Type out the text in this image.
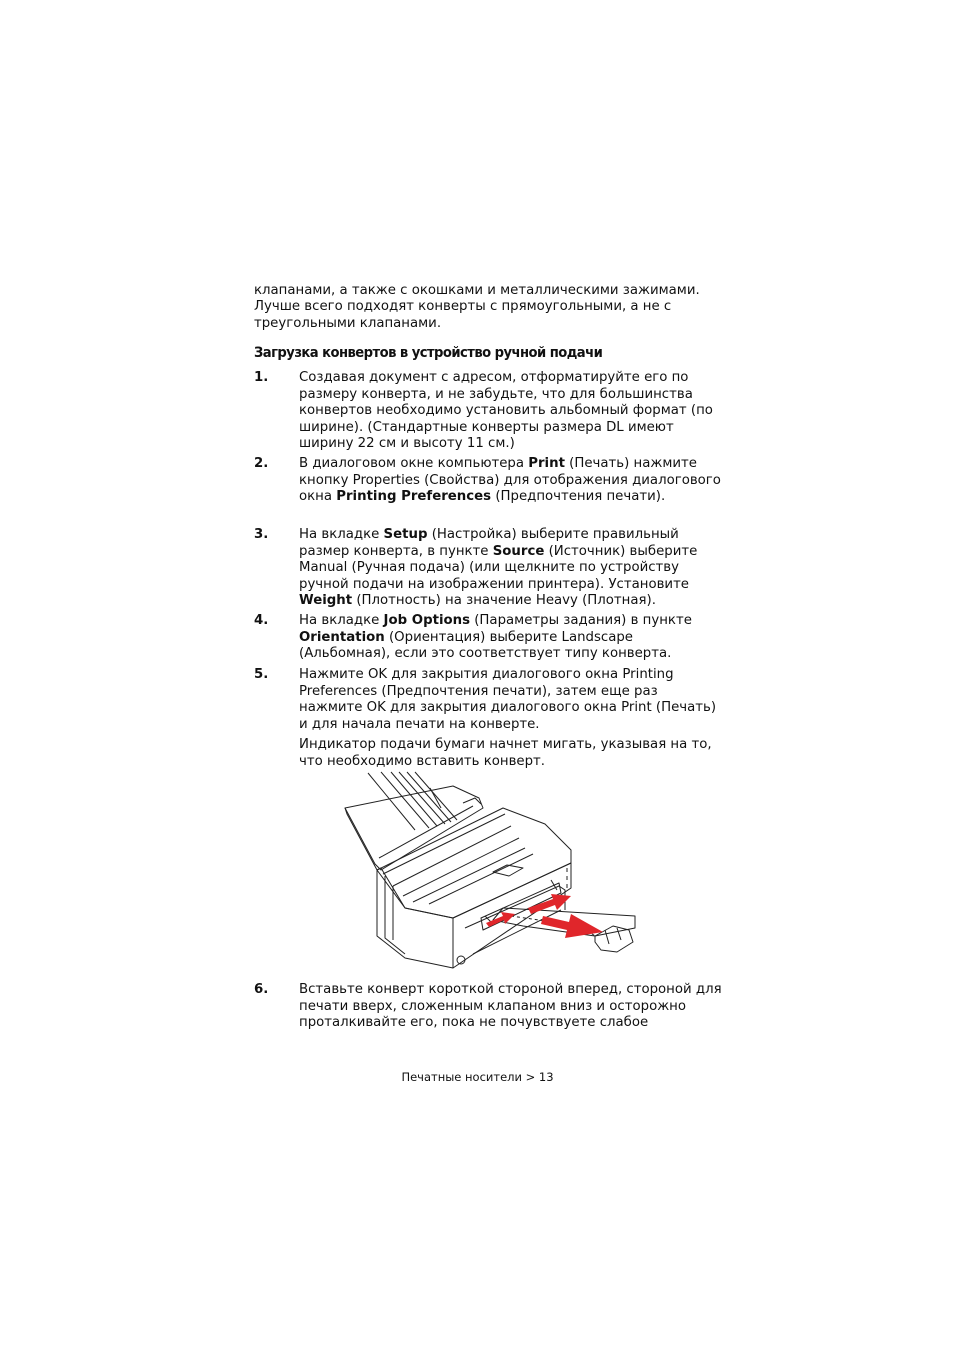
клапанами, а также с окошками и металлическими зажимами. Лучше всего подходят конверты с прямоугольными, а не с треугольными клапанами.

Загрузка конвертов в устройство ручной подачи
1. Создавая документ с адресом, отформатируйте его по размеру конверта, и не забудьте, что для большинства конвертов необходимо установить альбомный формат (по ширине). (Стандартные конверты размера DL имеют ширину 22 см и высоту 11 см.)
2. В диалоговом окне компьютера Print (Печать) нажмите кнопку Properties (Свойства) для отображения диалогового окна Printing Preferences (Предпочтения печати).
3. На вкладке Setup (Настройка) выберите правильный размер конверта, в пункте Source (Источник) выберите Manual (Ручная подача) (или щелкните по устройству ручной подачи на изображении принтера). Установите Weight (Плотность) на значение Heavy (Плотная).
4. На вкладке Job Options (Параметры задания) в пункте Orientation (Ориентация) выберите Landscape (Альбомная), если это соответствует типу конверта.
5. Нажмите OK для закрытия диалогового окна Printing Preferences (Предпочтения печати), затем еще раз нажмите OK для закрытия диалогового окна Print (Печать) и для начала печати на конверте.
Индикатор подачи бумаги начнет мигать, указывая на то, что необходимо вставить конверт.
6. Вставьте конверт короткой стороной вперед, стороной для печати вверх, сложенным клапаном вниз и осторожно проталкивайте его, пока не почувствуете слабое
Печатные носители > 13
